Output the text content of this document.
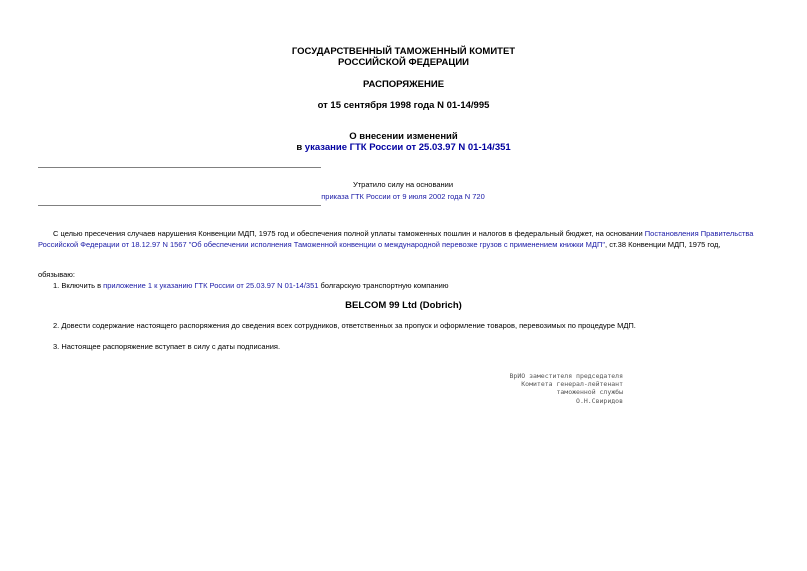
ГОСУДАРСТВЕННЫЙ ТАМОЖЕННЫЙ КОМИТЕТ
РОССИЙСКОЙ ФЕДЕРАЦИИ
РАСПОРЯЖЕНИЕ
от 15 сентября 1998 года N 01-14/995
О внесении изменений
в указание ГТК России от 25.03.97 N 01-14/351
Утратило силу на основании
приказа ГТК России от 9 июля 2002 года N 720
С целью пресечения случаев нарушения Конвенции МДП, 1975 год и обеспечения полной уплаты таможенных пошлин и налогов в федеральный бюджет, на основании Постановления Правительства Российской Федерации от 18.12.97 N 1567 "Об обеспечении исполнения Таможенной конвенции о международной перевозке грузов с применением книжки МДП", ст.38 Конвенции МДП, 1975 год,
обязываю:
1. Включить в приложение 1 к указанию ГТК России от 25.03.97 N 01-14/351 болгарскую транспортную компанию
BELCOM 99 Ltd (Dobrich)
2. Довести содержание настоящего распоряжения до сведения всех сотрудников, ответственных за пропуск и оформление товаров, перевозимых по процедуре МДП.
3. Настоящее распоряжение вступает в силу с даты подписания.
ВрИО заместителя председателя
Комитета генерал-лейтенант
таможенной службы
О.Н.Свиридов
